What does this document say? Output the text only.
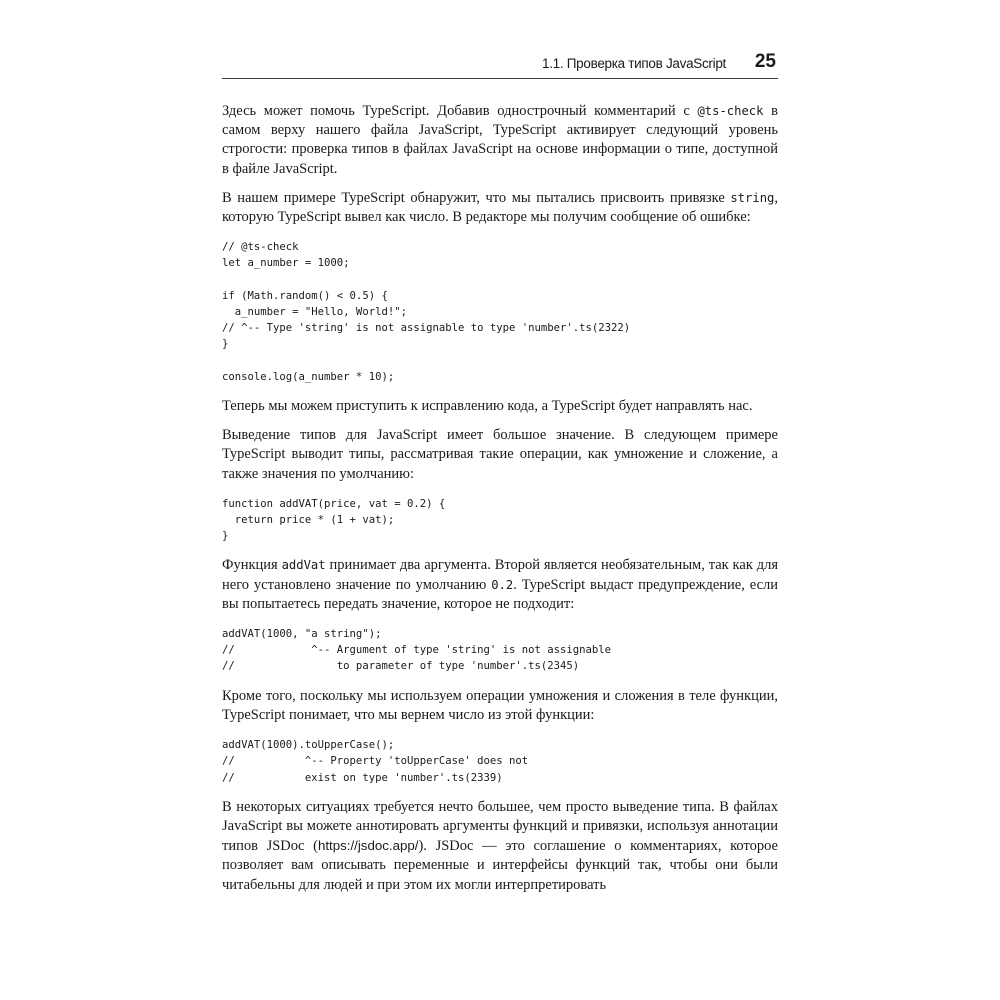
1.1. Проверка типов JavaScript 25

Здесь может помочь TypeScript. Добавив однострочный комментарий с @ts-check в самом верху нашего файла JavaScript, TypeScript активирует следующий уровень строгости: проверка типов в файлах JavaScript на основе информации о типе, доступной в файле JavaScript.

В нашем примере TypeScript обнаружит, что мы пытались присвоить привязке string, которую TypeScript вывел как число. В редакторе мы получим сообщение об ошибке:

// @ts-check
let a_number = 1000;

if (Math.random() < 0.5) {
a_number = "Hello, World!";
// ^-- Type 'string' is not assignable to type 'number'.ts(2322)
}

console.log(a_number * 10);

Теперь мы можем приступить к исправлению кода, а TypeScript будет направлять нас.

Выведение типов для JavaScript имеет большое значение. В следующем примере TypeScript выводит типы, рассматривая такие операции, как умножение и сложение, а также значения по умолчанию:

function addVAT(price, vat = 0.2) {
return price * (1 + vat);
}

Функция addVat принимает два аргумента. Второй является необязательным, так как для него установлено значение по умолчанию 0.2. TypeScript выдаст предупреждение, если вы попытаетесь передать значение, которое не подходит:

addVAT(1000, "a string");
//            ^-- Argument of type 'string' is not assignable
//                to parameter of type 'number'.ts(2345)

Кроме того, поскольку мы используем операции умножения и сложения в теле функции, TypeScript понимает, что мы вернем число из этой функции:

addVAT(1000).toUpperCase();
//           ^-- Property 'toUpperCase' does not
//           exist on type 'number'.ts(2339)

В некоторых ситуациях требуется нечто большее, чем просто выведение типа. В файлах JavaScript вы можете аннотировать аргументы функций и привязки, используя аннотации типов JSDoc (https://jsdoc.app/). JSDoc — это соглашение о комментариях, которое позволяет вам описывать переменные и интерфейсы функций так, чтобы они были читабельны для людей и при этом их могли интерпретировать
